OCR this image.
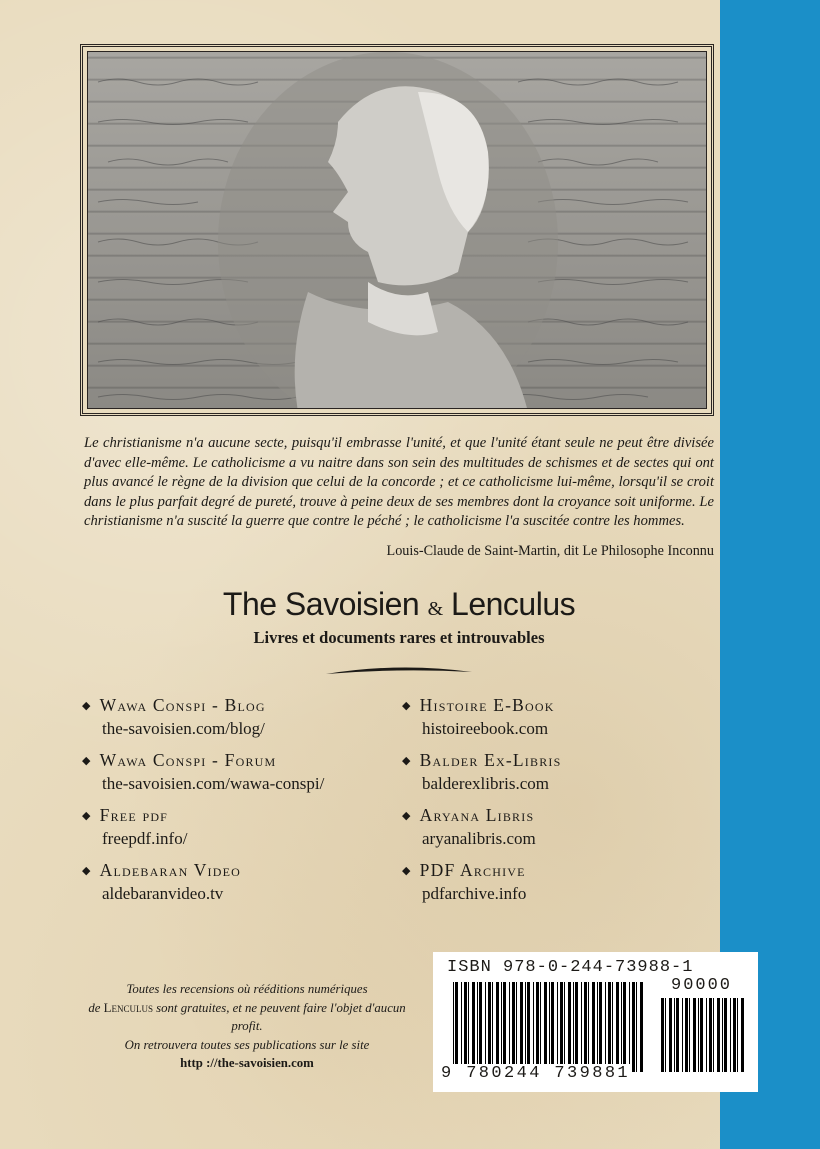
Le christianisme n'a aucune secte, puisqu'il embrasse l'unité, et que l'unité étant seule ne peut être divisée d'avec elle-même. Le catholicisme a vu naitre dans son sein des multitudes de schismes et de sectes qui ont plus avancé le règne de la division que celui de la concorde ; et ce catholicisme lui-même, lorsqu'il se croit dans le plus parfait degré de pureté, trouve à peine deux de ses membres dont la croyance soit uniforme. Le christianisme n'a suscité la guerre que contre le péché ; le catholicisme l'a suscitée contre les hommes.

Louis-Claude de Saint-Martin, dit Le Philosophe Inconnu

The Savoisien & Lenculus
Livres et documents rares et introuvables
◆ Wawa Conspi - Blog
the-savoisien.com/blog/
◆ Wawa Conspi - Forum
the-savoisien.com/wawa-conspi/
◆ Free pdf
freepdf.info/
◆ Aldebaran Video
aldebaranvideo.tv
◆ Histoire E-Book
histoireebook.com
◆ Balder Ex-Libris
balderexlibris.com
◆ Aryana Libris
aryanalibris.com
◆ PDF Archive
pdfarchive.info
Toutes les recensions où rééditions numériques
de Lenculus sont gratuites, et ne peuvent faire l'objet d'aucun profit.
On retrouvera toutes ses publications sur le site
http ://the-savoisien.com
ISBN 978-0-244-73988-1
90000
9 780244 739881
